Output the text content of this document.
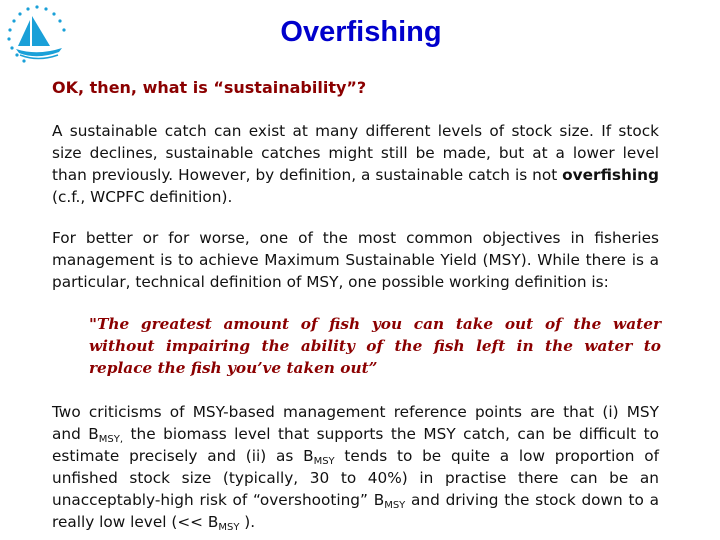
Overfishing
OK, then, what is “sustainability”?
A sustainable catch can exist at many different levels of stock size. If stock size declines, sustainable catches might still be made, but at a lower level than previously. However, by definition, a sustainable catch is not overfishing (c.f., WCPFC definition).
For better or for worse, one of the most common objectives in fisheries management is to achieve Maximum Sustainable Yield (MSY). While there is a particular, technical definition of MSY, one possible working definition is:
"The greatest amount of fish you can take out of the water without impairing the ability of the fish left in the water to replace the fish you’ve taken out”
Two criticisms of MSY-based management reference points are that (i) MSY and $B_{MSY,}$ the biomass level that supports the MSY catch, can be difficult to estimate precisely and (ii) as $B_{MSY}$ tends to be quite a low proportion of unfished stock size (typically, 30 to 40%) in practise there can be an unacceptably-high risk of “overshooting” $B_{MSY}$ and driving the stock down to a really low level (<< $B_{MSY}$ ).
